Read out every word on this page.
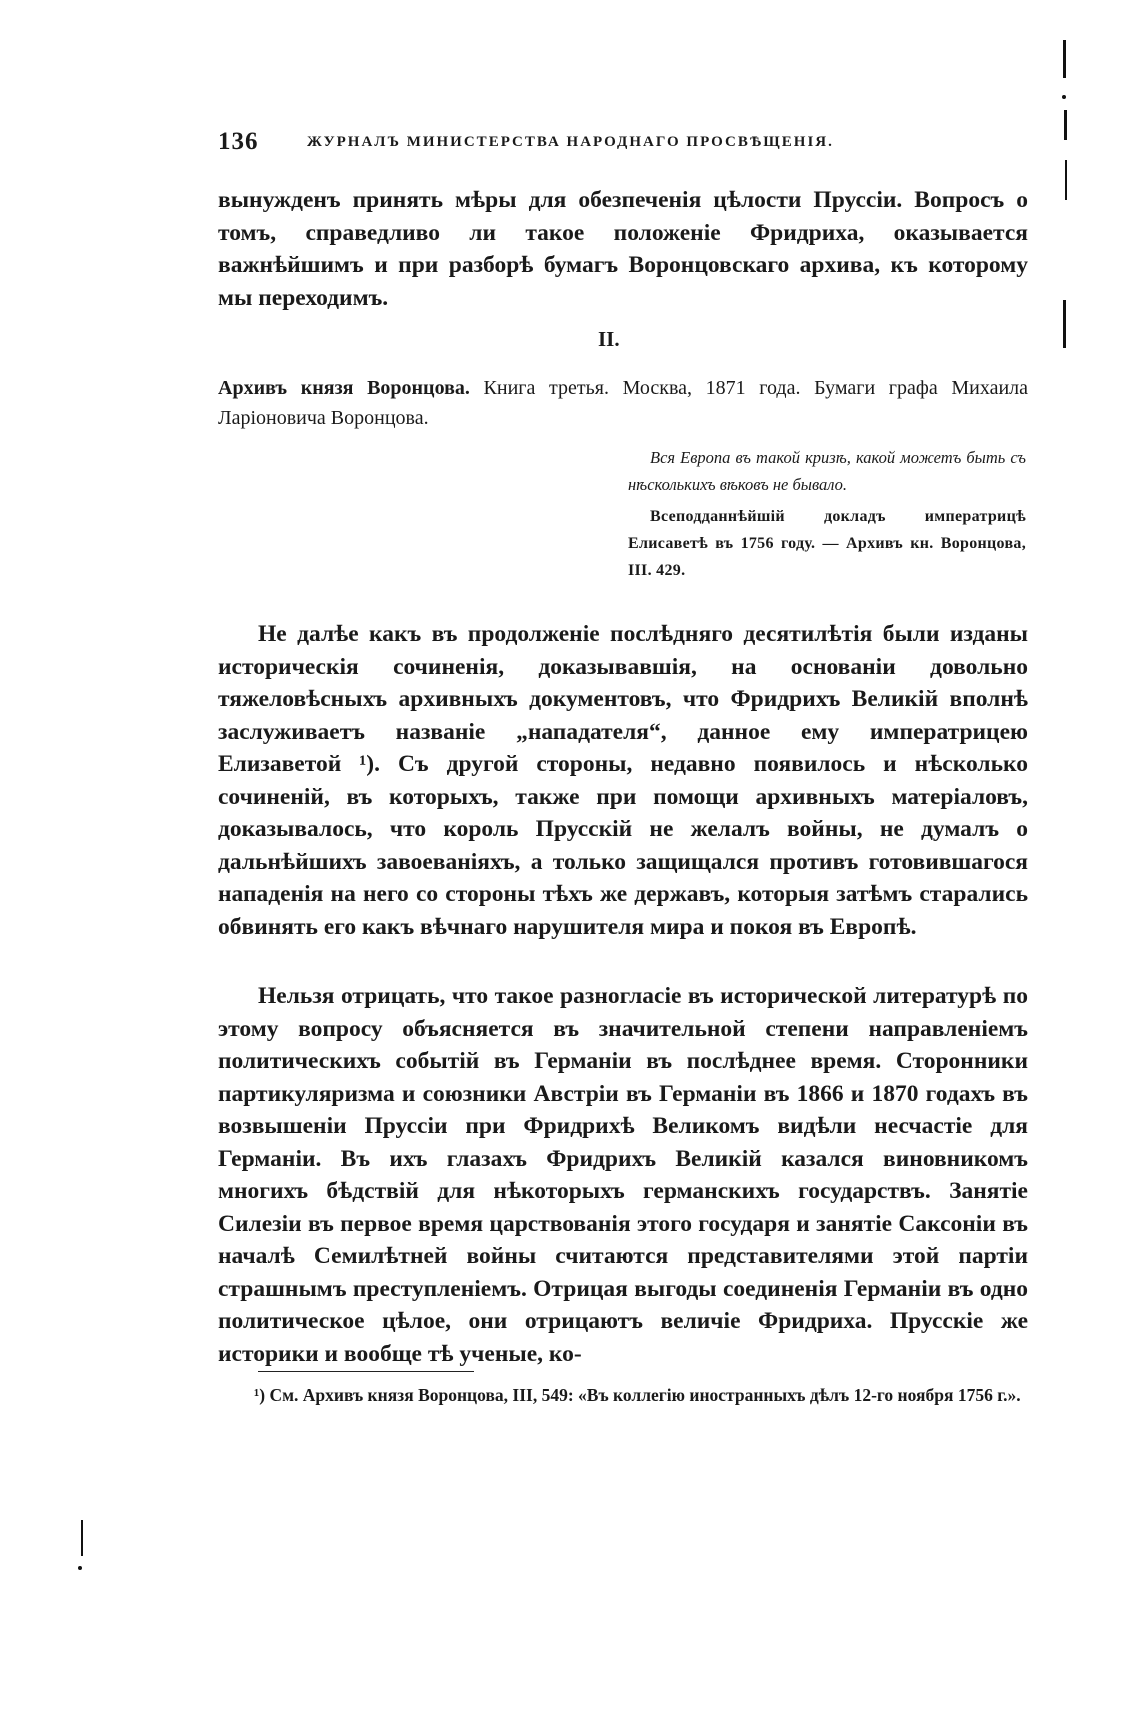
136	ЖУРНАЛЪ МИНИСТЕРСТВА НАРОДНАГО ПРОСВѢЩЕНІЯ.

вынужденъ принять мѣры для обезпеченія цѣлости Пруссіи. Вопросъ о томъ, справедливо ли такое положеніе Фридриха, оказывается важнѣйшимъ и при разборѣ бумагъ Воронцовскаго архива, къ которому мы переходимъ.

II.
Архивъ князя Воронцова. Книга третья. Москва, 1871 года. Бумаги графа Михаила Ларіоновича Воронцова.

Вся Европа въ такой кризѣ, какой можетъ быть съ нѣсколькихъ вѣковъ не бывало.

Всеподданнѣйшій докладъ императрицѣ Елисаветѣ въ 1756 году. — Архивъ кн. Воронцова, III. 429.

Не далѣе какъ въ продолженіе послѣдняго десятилѣтія были изданы историческія сочиненія, доказывавшія, на основаніи довольно тяжеловѣсныхъ архивныхъ документовъ, что Фридрихъ Великій вполнѣ заслуживаетъ названіе „нападателя“, данное ему императрицею Елизаветой ¹). Съ другой стороны, недавно появилось и нѣсколько сочиненій, въ которыхъ, также при помощи архивныхъ матеріаловъ, доказывалось, что король Прусскій не желалъ войны, не думалъ о дальнѣйшихъ завоеваніяхъ, а только защищался противъ готовившагося нападенія на него со стороны тѣхъ же державъ, которыя затѣмъ старались обвинять его какъ вѣчнаго нарушителя мира и покоя въ Европѣ.

Нельзя отрицать, что такое разногласіе въ исторической литературѣ по этому вопросу объясняется въ значительной степени направленіемъ политическихъ событій въ Германіи въ послѣднее время. Сторонники партикуляризма и союзники Австріи въ Германіи въ 1866 и 1870 годахъ въ возвышеніи Пруссіи при Фридрихѣ Великомъ видѣли несчастіе для Германіи. Въ ихъ глазахъ Фридрихъ Великій казался виновникомъ многихъ бѣдствій для нѣкоторыхъ германскихъ государствъ. Занятіе Силезіи въ первое время царствованія этого государя и занятіе Саксоніи въ началѣ Семилѣтней войны считаются представителями этой партіи страшнымъ преступленіемъ. Отрицая выгоды соединенія Германіи въ одно политическое цѣлое, они отрицаютъ величіе Фридриха. Прусскіе же историки и вообще тѣ ученые, ко-

¹) См. Архивъ князя Воронцова, III, 549: «Въ коллегію иностранныхъ дѣлъ 12-го ноября 1756 г.».
